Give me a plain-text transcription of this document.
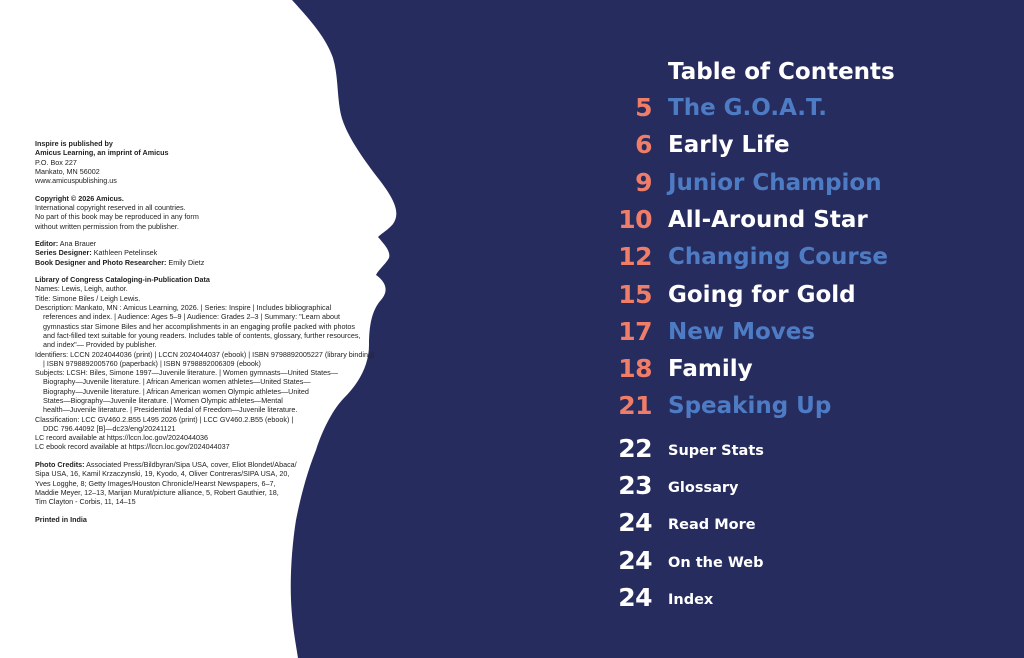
Inspire is published by
Amicus Learning, an imprint of Amicus
P.O. Box 227
Mankato, MN 56002
www.amicuspublishing.us
Copyright © 2026 Amicus.
International copyright reserved in all countries.
No part of this book may be reproduced in any form
without written permission from the publisher.
Editor: Ana Brauer
Series Designer: Kathleen Petelinsek
Book Designer and Photo Researcher: Emily Dietz
Library of Congress Cataloging-in-Publication Data
Names: Lewis, Leigh, author.
Title: Simone Biles / Leigh Lewis.
Description: Mankato, MN : Amicus Learning, 2026. | Series: Inspire | Includes bibliographical
references and index. | Audience: Ages 5–9 | Audience: Grades 2–3 | Summary: "Learn about
gymnastics star Simone Biles and her accomplishments in an engaging profile packed with photos
and fact-filled text suitable for young readers. Includes table of contents, glossary, further resources,
and index"— Provided by publisher.
Identifiers: LCCN 2024044036 (print) | LCCN 2024044037 (ebook) | ISBN 9798892005227 (library binding)
| ISBN 9798892005760 (paperback) | ISBN 9798892006309 (ebook)
Subjects: LCSH: Biles, Simone 1997—Juvenile literature. | Women gymnasts—United States—
Biography—Juvenile literature. | African American women athletes—United States—
Biography—Juvenile literature. | African American women Olympic athletes—United
States—Biography—Juvenile literature. | Women Olympic athletes—Mental
health—Juvenile literature. | Presidential Medal of Freedom—Juvenile literature.
Classification: LCC GV460.2.B55 L495 2026 (print) | LCC GV460.2.B55 (ebook) |
DDC 796.44092 [B]—dc23/eng/20241121
LC record available at https://lccn.loc.gov/2024044036
LC ebook record available at https://lccn.loc.gov/2024044037
Photo Credits: Associated Press/Bildbyran/Sipa USA, cover, Eliot Blondet/Abaca/
Sipa USA, 16, Kamil Krzaczynski, 19, Kyodo, 4, Oliver Contreras/SIPA USA, 20,
Yves Logghe, 8; Getty Images/Houston Chronicle/Hearst Newspapers, 6–7,
Maddie Meyer, 12–13, Marijan Murat/picture alliance, 5, Robert Gauthier, 18,
Tim Clayton - Corbis, 11, 14–15
Printed in India
Table of Contents
5 The G.O.A.T.
6 Early Life
9 Junior Champion
10 All-Around Star
12 Changing Course
15 Going for Gold
17 New Moves
18 Family
21 Speaking Up
22 Super Stats
23 Glossary
24 Read More
24 On the Web
24 Index
